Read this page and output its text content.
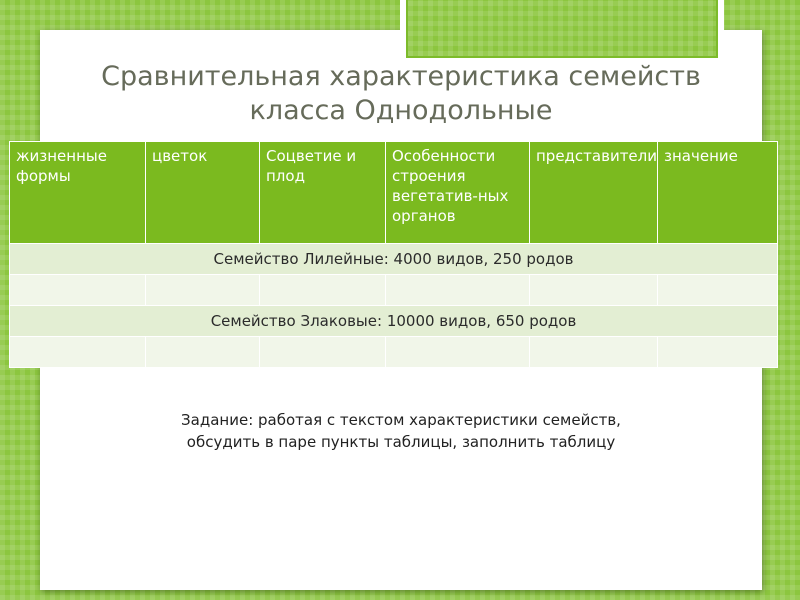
Сравнительная характеристика семейств
класса Однодольные
жизненные формы	цветок	Соцветие и плод	Особенности строения вегетатив-ных органов	представители	значение
Семейство Лилейные: 4000 видов, 250 родов					

Семейство Злаковые: 10000 видов, 650 родов					

Задание: работая с текстом характеристики семейств,
обсудить в паре пункты таблицы, заполнить таблицу
